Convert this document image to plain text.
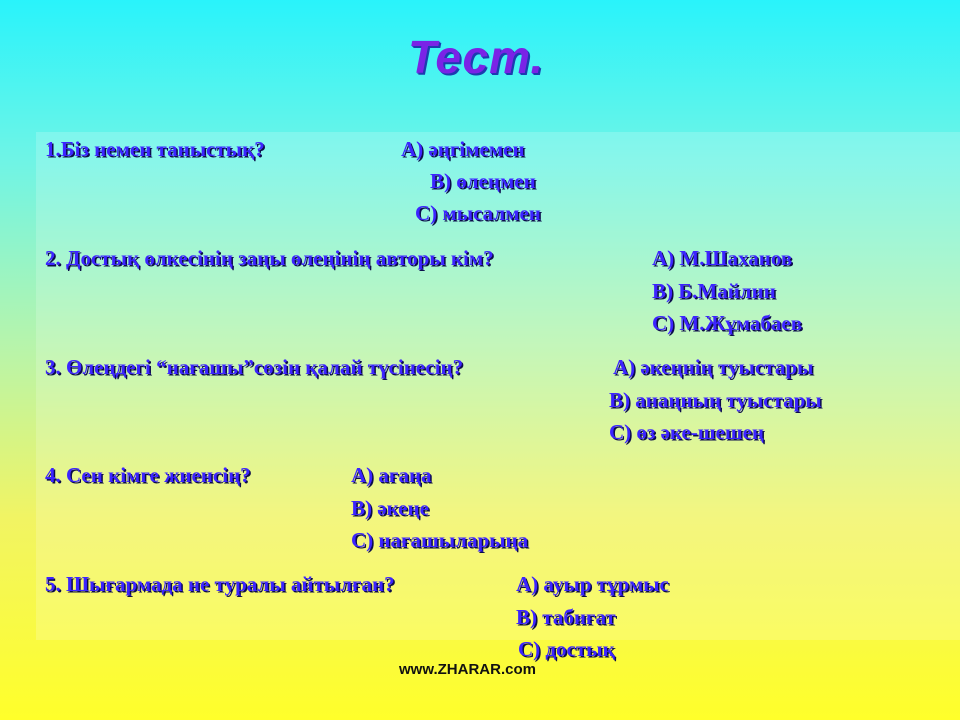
Тест.
1.Біз немен таныстық?	А) әңгімемен
В) өлеңмен
С) мысалмен
2. Достық өлкесінің заңы өлеңінің авторы кім?	А) М.Шаханов
В) Б.Майлин
С) М.Жұмабаев
3. Өлеңдегі “нағашы”сөзін қалай түсінесің?	А) әкеңнің туыстары
В) анаңның туыстары
С) өз әке-шешең
4. Сен кімге жиенсің?	А) ағаңа
В) әкеңе
С) нағашыларыңа
5. Шығармада не туралы айтылған?	А) ауыр тұрмыс
В) табиғат
С) достық
www.ZHARAR.com
